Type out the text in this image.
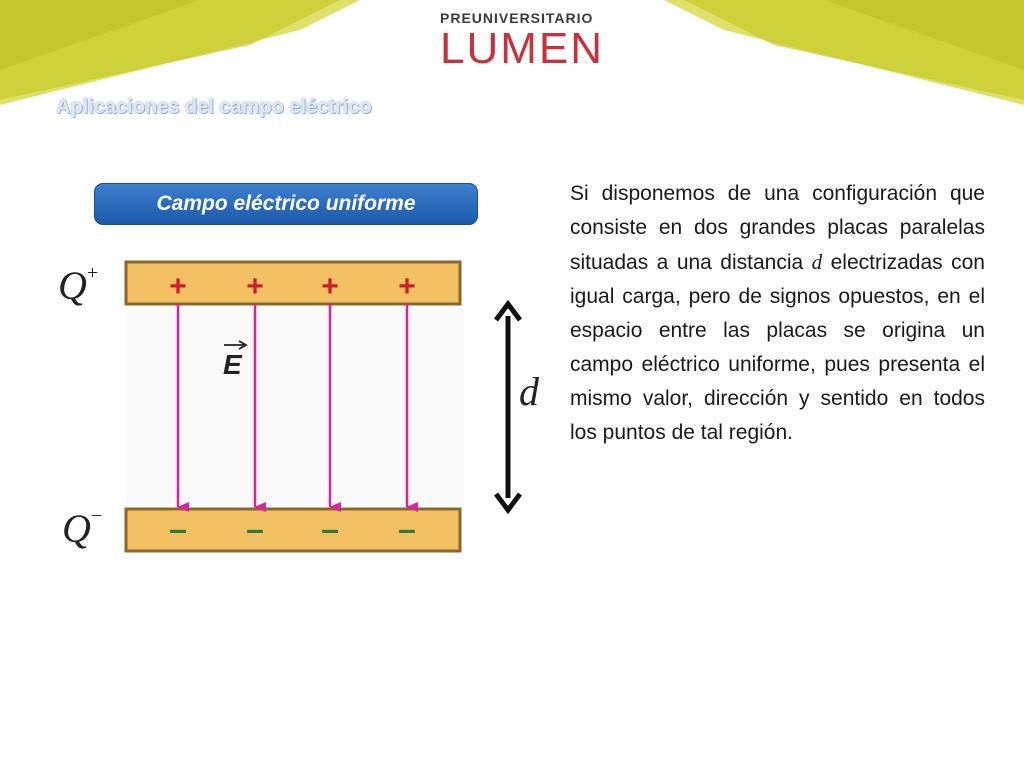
PREUNIVERSITARIO
LUMEN
Aplicaciones del campo eléctrico
Campo eléctrico uniforme
Q+
Q−
+ + + +
– – – –
E
d

Si disponemos de una configuración que consiste en dos grandes placas paralelas situadas a una distancia d electrizadas con igual carga, pero de signos opuestos, en el espacio entre las placas se origina un campo eléctrico uniforme, pues presenta el mismo valor, dirección y sentido en todos los puntos de tal región.
